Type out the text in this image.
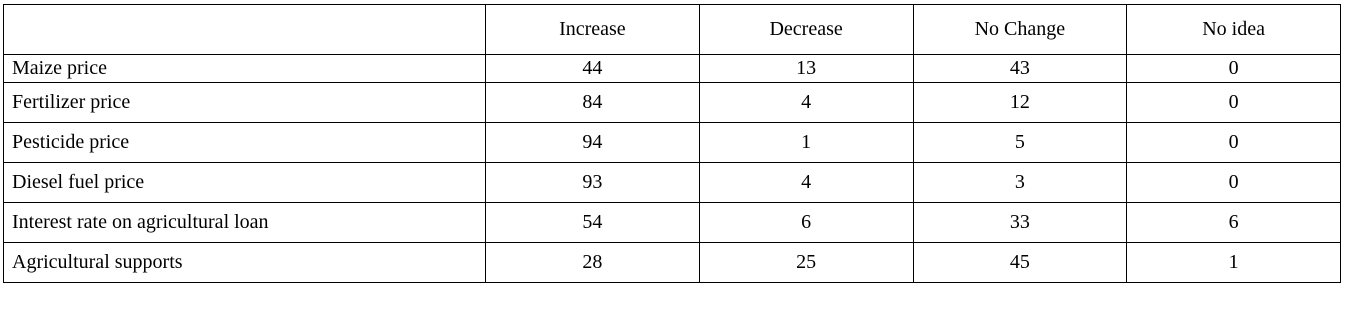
	Increase	Decrease	No Change	No idea
Maize price	44	13	43	0
Fertilizer price	84	4	12	0
Pesticide price	94	1	5	0
Diesel fuel price	93	4	3	0
Interest rate on agricultural loan	54	6	33	6
Agricultural supports	28	25	45	1
